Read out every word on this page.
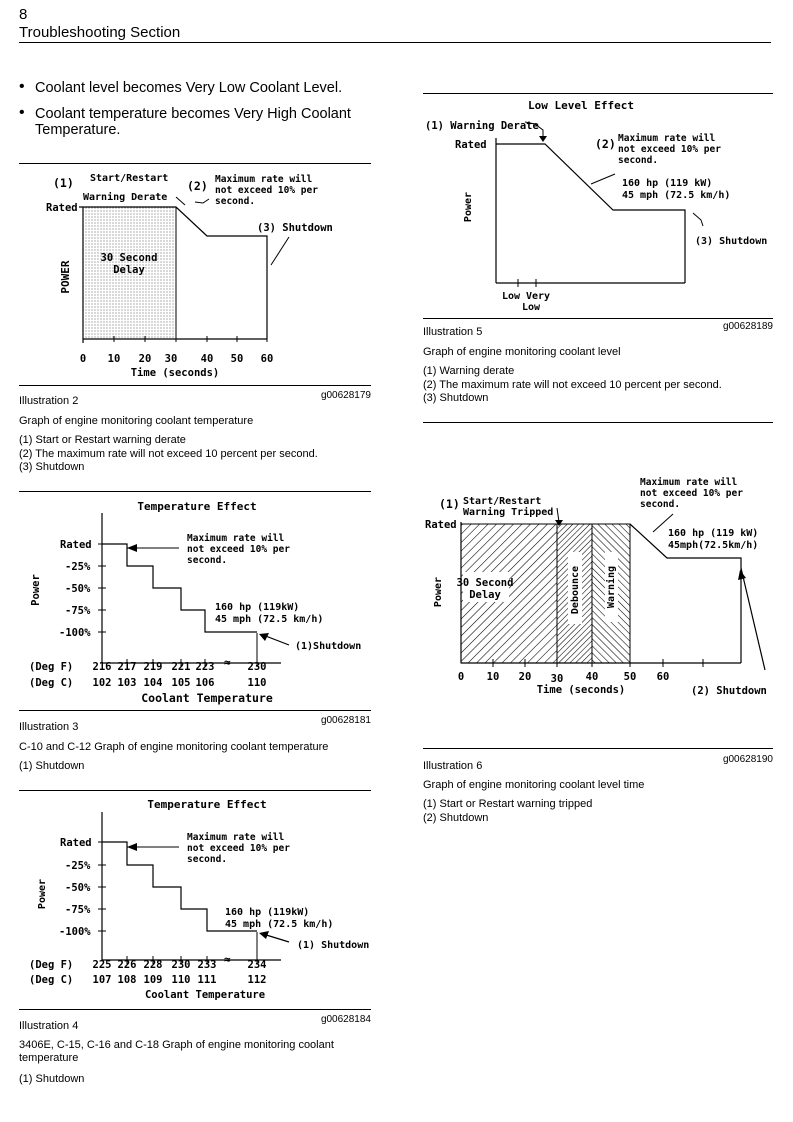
8
Troubleshooting Section
• Coolant level becomes Very Low Coolant Level.
• Coolant temperature becomes Very High Coolant Temperature.
0 10 20 30 40 50 60
Time (seconds)
POWER
Rated
(1) Start/Restart
Warning Derate
(2) Maximum rate will
not exceed 10% per
second.
(3) Shutdown
30 Second
Delay
Illustration 2	g00628179
Graph of engine monitoring coolant temperature
(1) Start or Restart warning derate
(2) The maximum rate will not exceed 10 percent per second.
(3) Shutdown
Temperature Effect
≈
Rated
-25%
-50%
-75%
-100%
Power
Maximum rate will
not exceed 10% per
second.
160 hp (119kW)
45 mph (72.5 km/h)
(1)Shutdown
(Deg F) 216 217 219 221 223	230
(Deg C) 102 103 104 105 106	110
Coolant Temperature
Illustration 3
g00628181
C-10 and C-12 Graph of engine monitoring coolant temperature
(1) Shutdown
Temperature Effect
≈
Rated
-25%
-50%
-75%
-100%
Power
Maximum rate will
not exceed 10% per
second.
160 hp (119kW)
45 mph (72.5 km/h)
(1) Shutdown
(Deg F) 225 226 228 230 233	234
(Deg C) 107 108 109 110 111	112
Coolant Temperature
Illustration 4
g00628184
3406E, C-15, C-16 and C-18 Graph of engine monitoring coolant temperature
(1) Shutdown
Low Level Effect
(1) Warning Derate
Rated
Power
(2) Maximum rate will
not exceed 10% per
second.
160 hp (119 kW)
45 mph (72.5 km/h)
(3) Shutdown
Low Very
Low
Illustration 5	g00628189
Graph of engine monitoring coolant level
(1) Warning derate
(2) The maximum rate will not exceed 10 percent per second.
(3) Shutdown
(1) Start/Restart
Warning Tripped
Maximum rate will
not exceed 10% per
second.
160 hp (119 kW)
45mph(72.5km/h)
Rated
Power 30 Second
Delay	Debounce	Warning
0 10 20 30 40 50 60
Time (seconds)	(2) Shutdown
Illustration 6
g00628190
Graph of engine monitoring coolant level time
(1) Start or Restart warning tripped
(2) Shutdown
